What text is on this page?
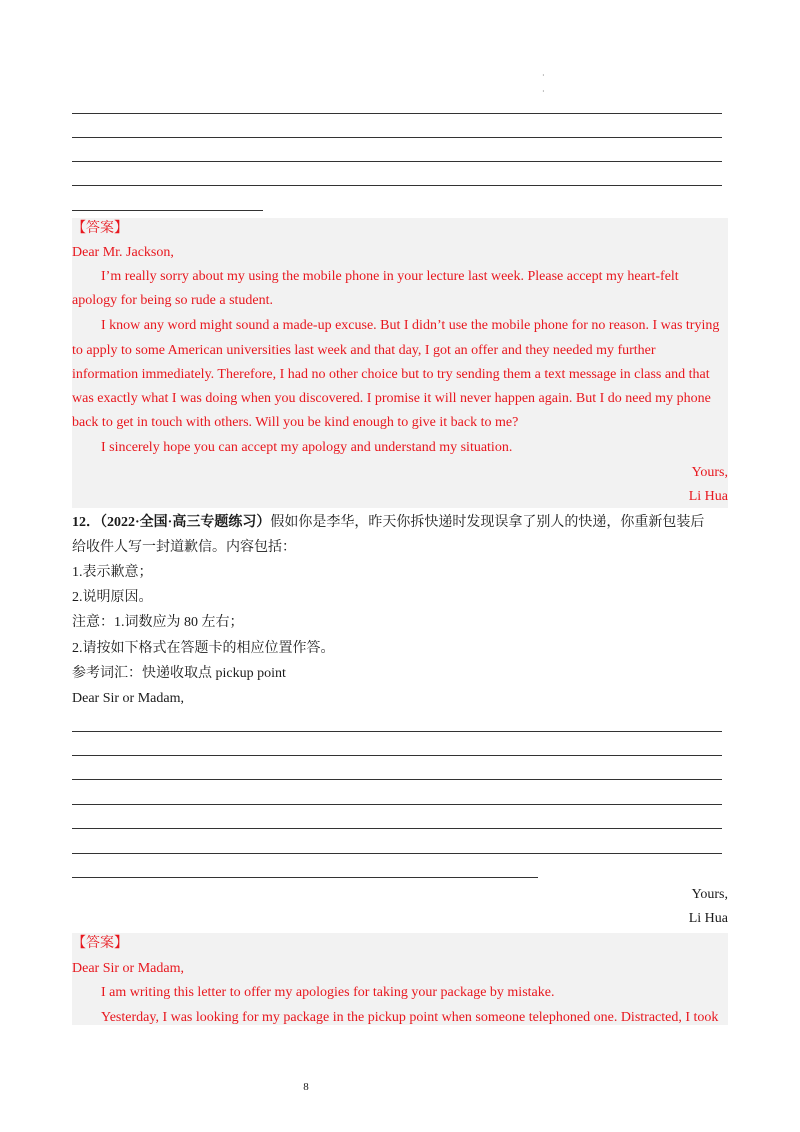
·
·
【答案】
Dear Mr. Jackson,
I’m really sorry about my using the mobile phone in your lecture last week. Please accept my heart-felt
apology for being so rude a student.
I know any word might sound a made-up excuse. But I didn’t use the mobile phone for no reason. I was trying
to apply to some American universities last week and that day, I got an offer and they needed my further
information immediately. Therefore, I had no other choice but to try sending them a text message in class and that
was exactly what I was doing when you discovered. I promise it will never happen again. But I do need my phone
back to get in touch with others. Will you be kind enough to give it back to me?
I sincerely hope you can accept my apology and understand my situation.
Yours,
Li Hua
12．（2022·全国·高三专题练习）假如你是李华，昨天你拆快递时发现误拿了别人的快递，你重新包装后
给收件人写一封道歉信。内容包括：
1.表示歉意；
2.说明原因。
注意：1.词数应为 80 左右；
2.请按如下格式在答题卡的相应位置作答。
参考词汇：快递收取点 pickup point
Dear Sir or Madam,
Yours,
Li Hua
【答案】
Dear Sir or Madam,
I am writing this letter to offer my apologies for taking your package by mistake.
Yesterday, I was looking for my package in the pickup point when someone telephoned one. Distracted, I took
8
